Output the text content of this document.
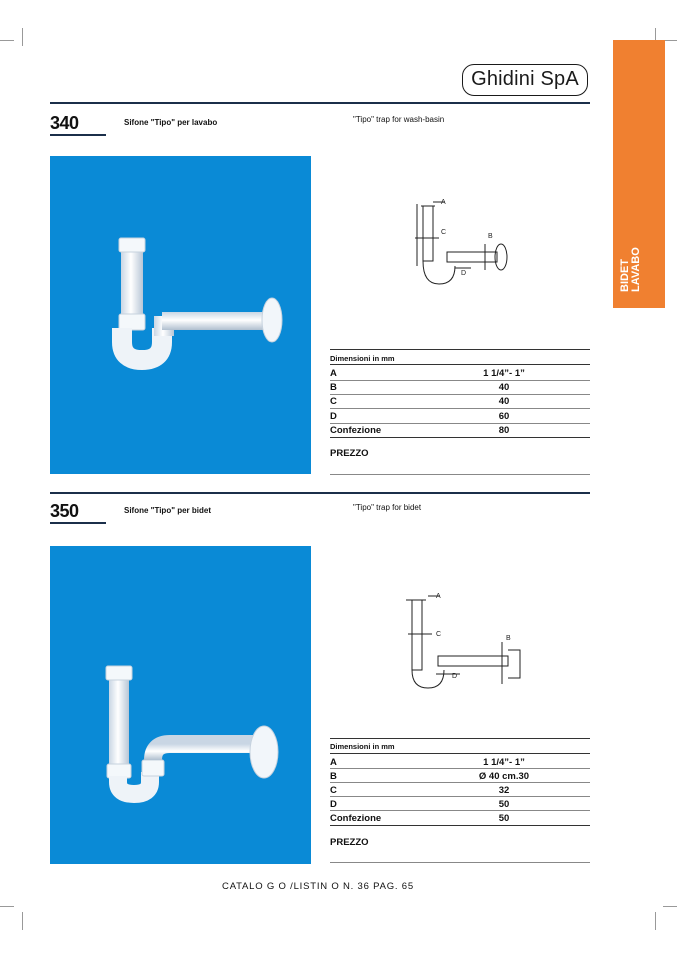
Ghidini SpA
BIDET
LAVABO
340	Sifone "Tipo" per lavabo	"Tipo" trap for wash-basin
A
C
B
D
Dimensioni in mm
A	1 1/4”- 1”
B	40
C	40
D	60
Confezione	80
PREZZO
350	Sifone "Tipo" per bidet	"Tipo" trap for bidet
A
C
B
D
Dimensioni in mm
A	1 1/4”- 1”
B	Ø 40 cm.30
C	32
D	50
Confezione	50
PREZZO
CATALO G O /LISTIN O N. 36 PAG. 65
